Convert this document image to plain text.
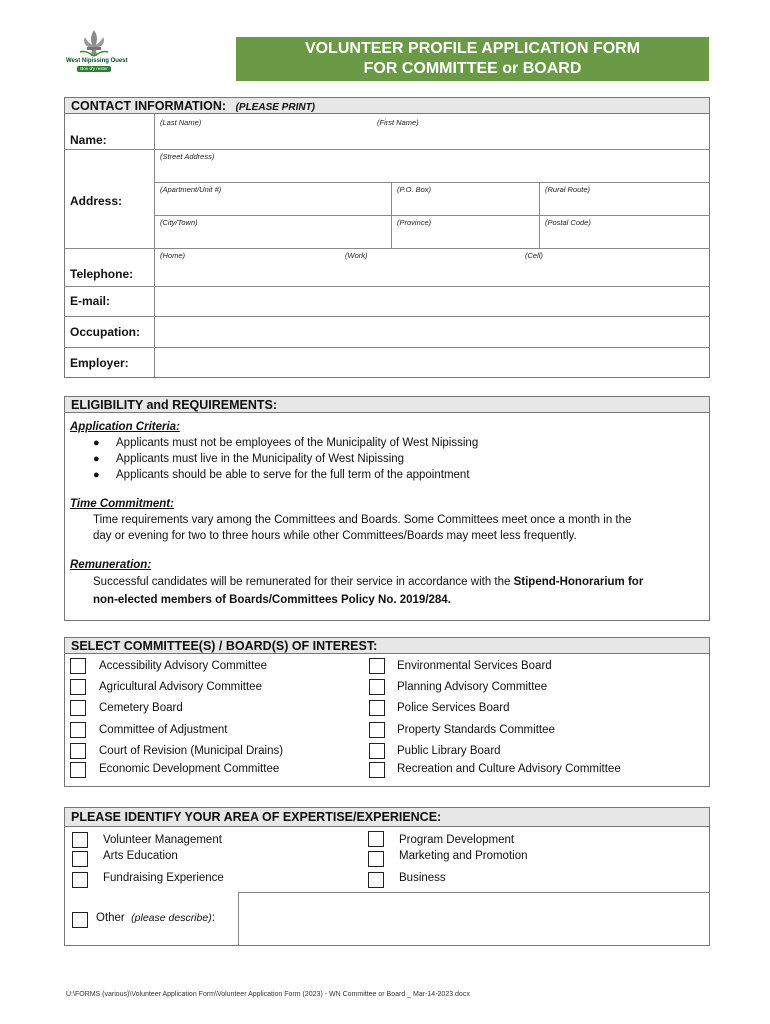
West Nipissing Ouest
Bon d'y rester
VOLUNTEER PROFILE APPLICATION FORM
FOR COMMITTEE or BOARD
CONTACT INFORMATION: (PLEASE PRINT)
Name:
(Last Name)	(First Name)
Address:
(Street Address)
(Apartment/Unit #)	(P.O. Box)	(Rural Route)
(City/Town)	(Province)	(Postal Code)
Telephone:
(Home)	(Work)	(Cell)
E-mail:
Occupation:
Employer:
ELIGIBILITY and REQUIREMENTS:
Application Criteria:
● Applicants must not be employees of the Municipality of West Nipissing
● Applicants must live in the Municipality of West Nipissing
● Applicants should be able to serve for the full term of the appointment
Time Commitment:
Time requirements vary among the Committees and Boards. Some Committees meet once a month in the
day or evening for two to three hours while other Committees/Boards may meet less frequently.
Remuneration:
Successful candidates will be remunerated for their service in accordance with the Stipend-Honorarium for
non-elected members of Boards/Committees Policy No. 2019/284.
SELECT COMMITTEE(S) / BOARD(S) OF INTEREST:
Accessibility Advisory Committee
Agricultural Advisory Committee
Cemetery Board
Committee of Adjustment
Court of Revision (Municipal Drains)
Economic Development Committee
Environmental Services Board
Planning Advisory Committee
Police Services Board
Property Standards Committee
Public Library Board
Recreation and Culture Advisory Committee
PLEASE IDENTIFY YOUR AREA OF EXPERTISE/EXPERIENCE:
Volunteer Management
Arts Education
Fundraising Experience
Program Development
Marketing and Promotion
Business
Other (please describe):
U:\FORMS (various)\Volunteer Application Form\Volunteer Application Form (2023) - WN Committee or Board _ Mar-14-2023.docx
